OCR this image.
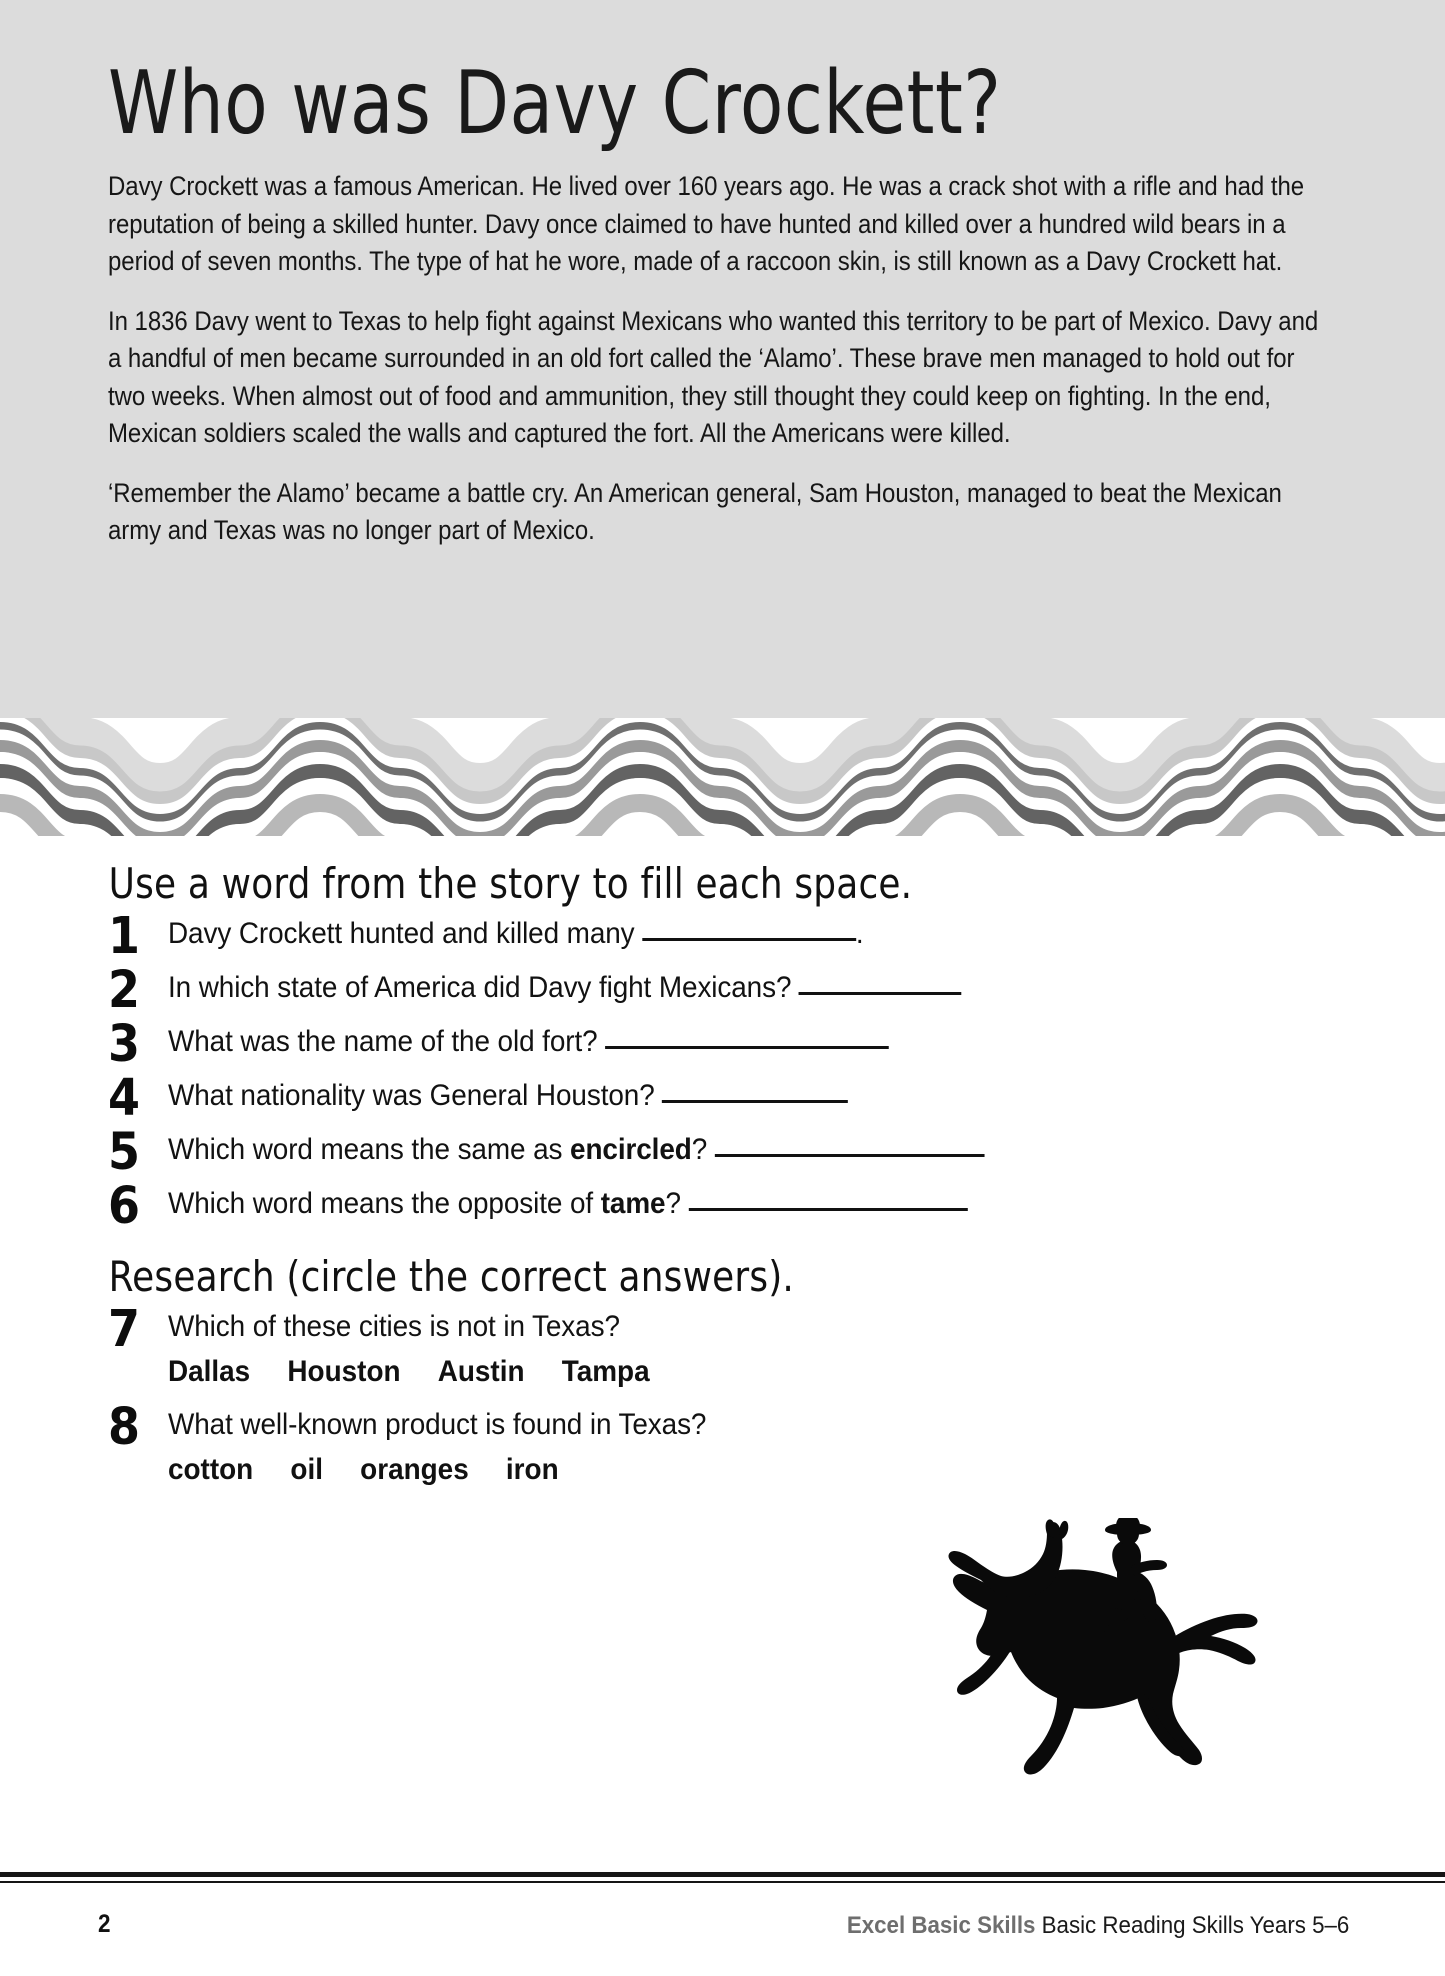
Who was Davy Crockett?

Davy Crockett was a famous American. He lived over 160 years ago. He was a crack shot with a rifle and had the reputation of being a skilled hunter. Davy once claimed to have hunted and killed over a hundred wild bears in a period of seven months. The type of hat he wore, made of a raccoon skin, is still known as a Davy Crockett hat.

In 1836 Davy went to Texas to help fight against Mexicans who wanted this territory to be part of Mexico. Davy and a handful of men became surrounded in an old fort called the ‘Alamo’. These brave men managed to hold out for two weeks. When almost out of food and ammunition, they still thought they could keep on fighting. In the end, Mexican soldiers scaled the walls and captured the fort. All the Americans were killed.

‘Remember the Alamo’ became a battle cry. An American general, Sam Houston, managed to beat the Mexican army and Texas was no longer part of Mexico.

Use a word from the story to fill each space.
1 Davy Crockett hunted and killed many	.
2 In which state of America did Davy fight Mexicans?
3 What was the name of the old fort?
4 What nationality was General Houston?
5 Which word means the same as encircled?
6 Which word means the opposite of tame?
Research (circle the correct answers).
7 Which of these cities is not in Texas?
Dallas Houston Austin Tampa
8 What well-known product is found in Texas?
cotton oil oranges iron
2	Excel Basic Skills Basic Reading Skills Years 5–6
